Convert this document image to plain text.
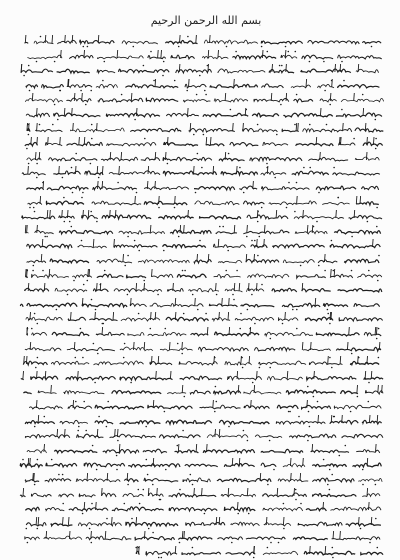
بسم الله الرحمن الرحيم
